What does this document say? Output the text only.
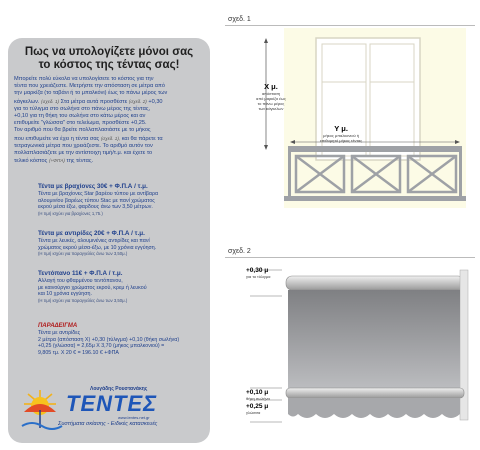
Πως να υπολογίζετε μόνοι σας
το κόστος της τέντας σας!
Μπορείτε πολύ εύκολα να υπολογίσετε το κόστος για την
τέντα που χρειάζεστε. Μετρήστε την απόσταση σε μέτρα από
την μαρκίζα (το ταβάνι ή το μπαλκόνι) έως το πάνω μέρος των
κάγκελων. (σχεδ. 1) Στα μέτρα αυτά προσθέστε (σχεδ. 2) +0,30
για το τύλιγμα στο σωλήνα στο πάνω μέρος της τέντας,
+0,10 για τη θήκη του σωλήνα στο κάτω μέρος και αν
επιθυμείτε "γλώσσα" στο τελείωμα, προσθέστε +0,25.
Τον αριθμό που θα βρείτε πολλαπλασιάστε με το μήκος
που επιθυμείτε να έχει η τέντα σας (σχεδ. 1), και θα πάρετε τα
τετραγωνικά μέτρα που χρειάζεστε. Το αριθμό αυτόν τον
πολλαπλασιάζετε με την αντίστοιχη τιμή/τ.μ. και έχετε το
τελικό κόστος (+ΦΠΑ) της τέντας.
Τέντα με βραχίονες 30€ + Φ.Π.Α / τ.μ.
Τέντα με βραχίονες Star βαρέου τύπου με αντίβαρα
αλουμινίου βαρέως τύπου Stac με πανί χρώματος
εκρού μέσα έξω, φαρδους άνω των 3,50 μέτρων.
(Η τιμή ισχύει για βραχίονες 1,75.)
Τέντα με αντιρίδες 20€ + Φ.Π.Α / τ.μ.
Τέντα με λευκές, αλουμινένιες αντιρίδες και πανί
χρώματος εκρού μέσα-έξω, με 10 χρόνια εγγύηση.
(Η τιμή ισχύει για παραγγελίες άνω των 3,50μ.)
Τεντόπανο 11€ + Φ.Π.Α / τ.μ.
Αλλαγή του φθαρμένου τεντόπανου,
με καινούργιο χρώματος εκρού, κρεμ ή λευκού
και 10 χρόνια εγγύηση.
(Η τιμή ισχύει για παραγγελίες άνω των 3,50μ.)
ΠΑΡΑΔΕΙΓΜΑ
Τέντα με αντιρίδες
2 μέτρα (απόσταση Χ) +0,30 (τύλιγμα) +0,10 (θήκη σωλήνα)
+0,25 (γλώσσα) = 2,65μ Χ 3,70 (μήκος μπαλκονιού) =
9,805 τμ. Χ 20 € = 196.10 € +ΦΠΑ
Λουγάδης Ρουστανάκης
ΤΕΝΤΕΣ
www.lentes.net.gr
Συστήματα σκίασης - Ειδικές κατασκευές
σχεδ. 1
Χ μ.
απόσταση
από μαρκίζα έως
το πάνω μέρος
των κάγκελων
Υ μ.
μήκος μπαλκονιού ή
επιθυμητό μήκος τέντας
σχεδ. 2
+0,30 μ
για το τύλιγμα
+0,10 μ
θήκη σωλήνα
+0,25 μ
γλώσσα
